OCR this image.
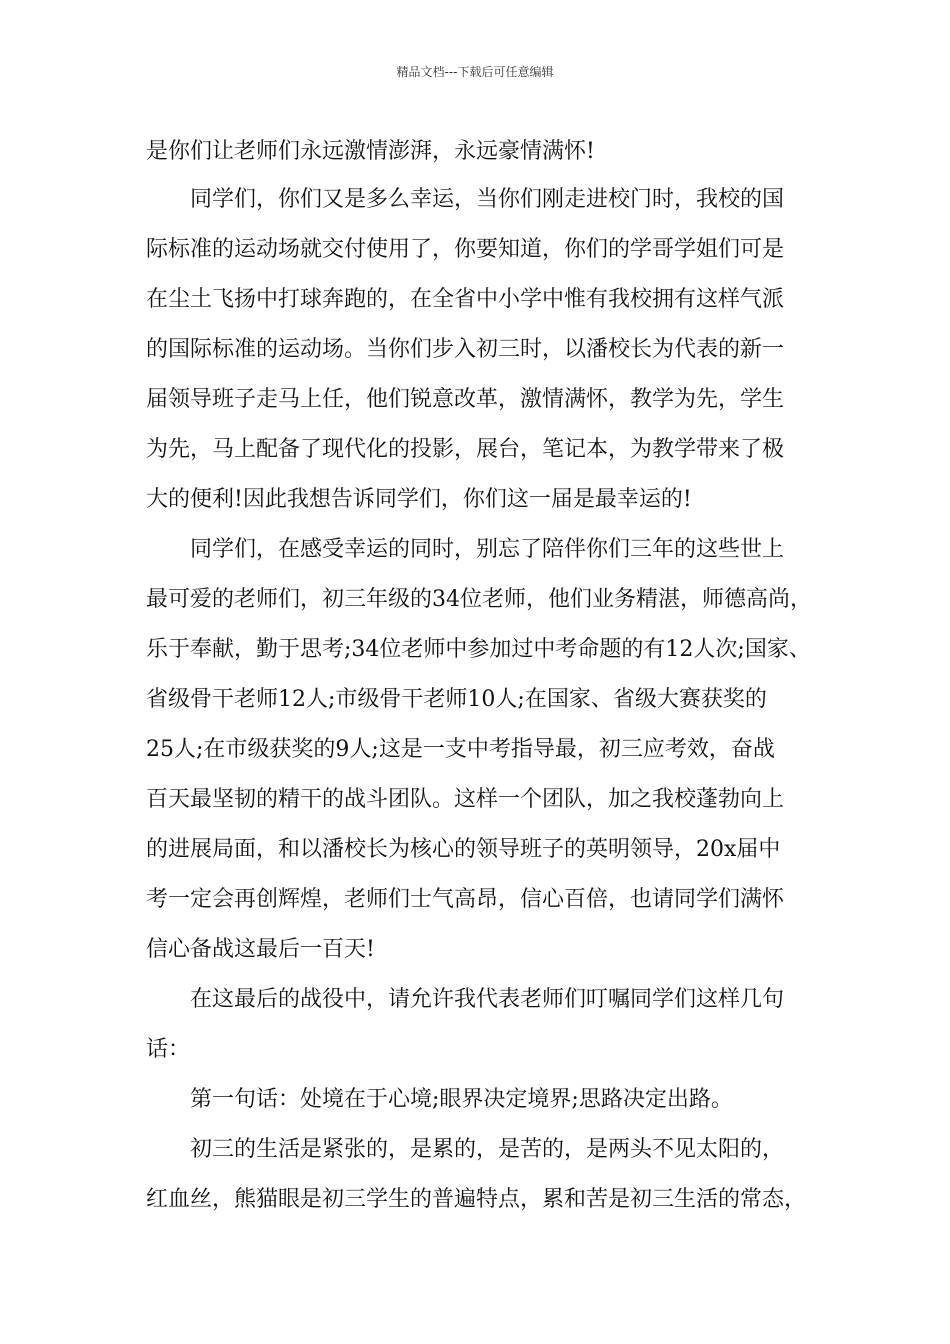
精品文档---下载后可任意编辑
是你们让老师们永远激情澎湃，永远豪情满怀!
同学们，你们又是多么幸运，当你们刚走进校门时，我校的国
际标准的运动场就交付使用了，你要知道，你们的学哥学姐们可是
在尘土飞扬中打球奔跑的，在全省中小学中惟有我校拥有这样气派
的国际标准的运动场。当你们步入初三时，以潘校长为代表的新一
届领导班子走马上任，他们锐意改革，激情满怀，教学为先，学生
为先，马上配备了现代化的投影，展台，笔记本，为教学带来了极
大的便利!因此我想告诉同学们，你们这一届是最幸运的!
同学们，在感受幸运的同时，别忘了陪伴你们三年的这些世上
最可爱的老师们，初三年级的34位老师，他们业务精湛，师德高尚，
乐于奉献，勤于思考;34位老师中参加过中考命题的有12人次;国家、
省级骨干老师12人;市级骨干老师10人;在国家、省级大赛获奖的
25人;在市级获奖的9人;这是一支中考指导最，初三应考效，奋战
百天最坚韧的精干的战斗团队。这样一个团队，加之我校蓬勃向上
的进展局面，和以潘校长为核心的领导班子的英明领导，20x届中
考一定会再创辉煌，老师们士气高昂，信心百倍，也请同学们满怀
信心备战这最后一百天!
在这最后的战役中，请允许我代表老师们叮嘱同学们这样几句
话：
第一句话：处境在于心境;眼界决定境界;思路决定出路。
初三的生活是紧张的，是累的，是苦的，是两头不见太阳的，
红血丝，熊猫眼是初三学生的普遍特点，累和苦是初三生活的常态，
